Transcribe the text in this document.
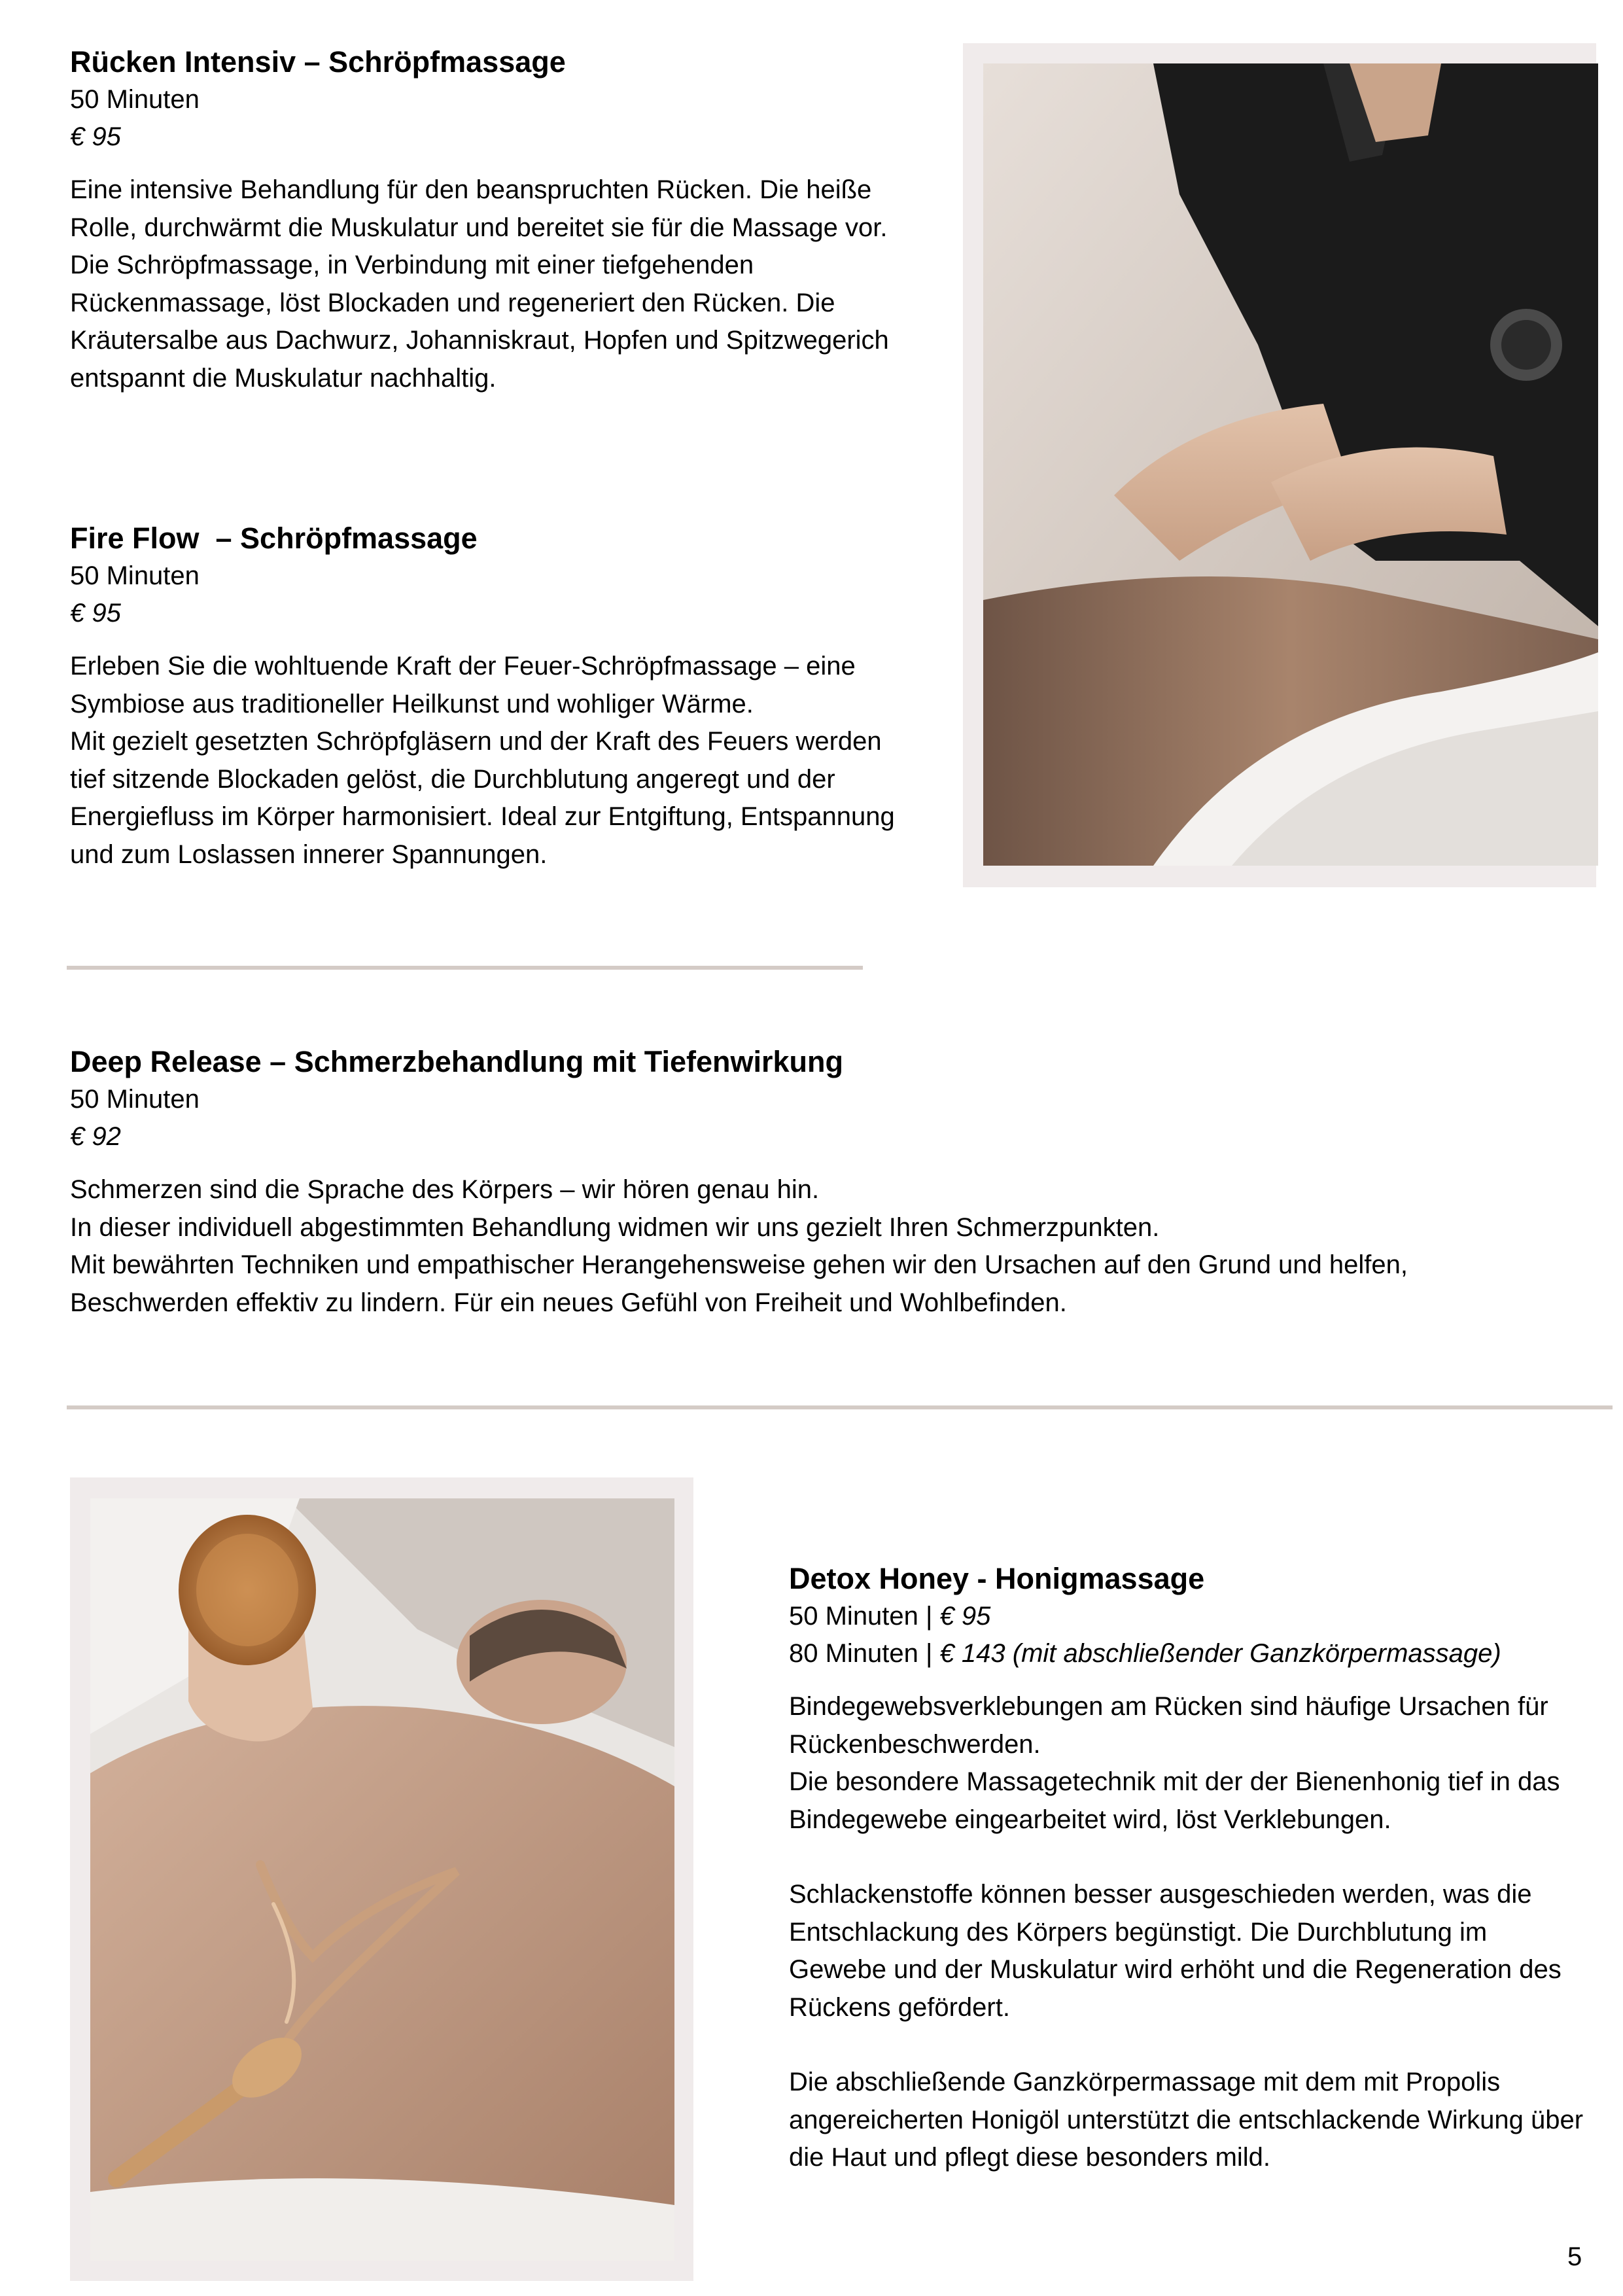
Rücken Intensiv – Schröpfmassage

50 Minuten

€ 95

Eine intensive Behandlung für den beanspruchten Rücken. Die heiße Rolle, durchwärmt die Muskulatur und bereitet sie für die Massage vor.

Die Schröpfmassage, in Verbindung mit einer tiefgehenden Rückenmassage, löst Blockaden und regeneriert den Rücken. Die Kräutersalbe aus Dachwurz, Johanniskraut, Hopfen und Spitzwegerich entspannt die Muskulatur nachhaltig.

Fire Flow  – Schröpfmassage

50 Minuten

€ 95

Erleben Sie die wohltuende Kraft der Feuer-Schröpfmassage – eine Symbiose aus traditioneller Heilkunst und wohliger Wärme.

Mit gezielt gesetzten Schröpfgläsern und der Kraft des Feuers werden tief sitzende Blockaden gelöst, die Durchblutung angeregt und der Energiefluss im Körper harmonisiert. Ideal zur Entgiftung, Entspannung und zum Loslassen innerer Spannungen.

Deep Release – Schmerzbehandlung mit Tiefenwirkung

50 Minuten

€ 92

Schmerzen sind die Sprache des Körpers – wir hören genau hin.

In dieser individuell abgestimmten Behandlung widmen wir uns gezielt Ihren Schmerzpunkten.

Mit bewährten Techniken und empathischer Herangehensweise gehen wir den Ursachen auf den Grund und helfen, Beschwerden effektiv zu lindern. Für ein neues Gefühl von Freiheit und Wohlbefinden.

Detox Honey - Honigmassage

50 Minuten | € 95

80 Minuten | € 143 (mit abschließender Ganzkörpermassage)

Bindegewebsverklebungen am Rücken sind häufige Ursachen für Rückenbeschwerden.

Die besondere Massagetechnik mit der der Bienenhonig tief in das Bindegewebe eingearbeitet wird, löst Verklebungen.

Schlackenstoffe können besser ausgeschieden werden, was die Entschlackung des Körpers begünstigt. Die Durchblutung im Gewebe und der Muskulatur wird erhöht und die Regeneration des Rückens gefördert.

Die abschließende Ganzkörpermassage mit dem mit Propolis angereicherten Honigöl unterstützt die entschlackende Wirkung über die Haut und pflegt diese besonders mild.

5
